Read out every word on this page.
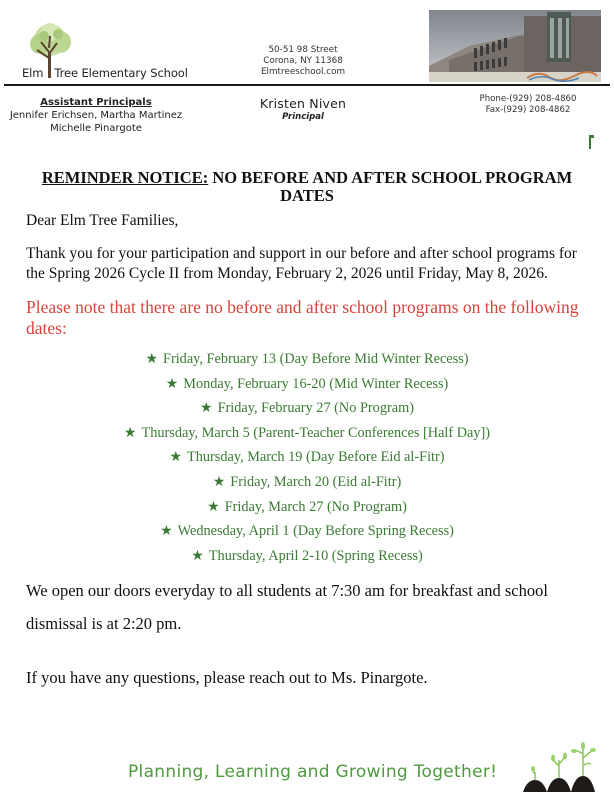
Elm Tree Elementary School
50-51 98 Street
Corona, NY 11368
Elmtreeschool.com
Assistant Principals
Jennifer Erichsen, Martha Martinez
Michelle Pinargote
Kristen Niven
Principal
Phone-(929) 208-4860
Fax-(929) 208-4862
REMINDER NOTICE: NO BEFORE AND AFTER SCHOOL PROGRAM DATES
Dear Elm Tree Families,
Thank you for your participation and support in our before and after school programs for the Spring 2026 Cycle II from Monday, February 2, 2026 until Friday, May 8, 2026.
Please note that there are no before and after school programs on the following dates:
★ Friday, February 13 (Day Before Mid Winter Recess)
★ Monday, February 16-20 (Mid Winter Recess)
★ Friday, February 27 (No Program)
★ Thursday, March 5 (Parent-Teacher Conferences [Half Day])
★ Thursday, March 19 (Day Before Eid al-Fitr)
★ Friday, March 20 (Eid al-Fitr)
★ Friday, March 27 (No Program)
★ Wednesday, April 1 (Day Before Spring Recess)
★ Thursday, April 2-10 (Spring Recess)
We open our doors everyday to all students at 7:30 am for breakfast and school dismissal is at 2:20 pm.
If you have any questions, please reach out to Ms. Pinargote.
Planning, Learning and Growing Together!
